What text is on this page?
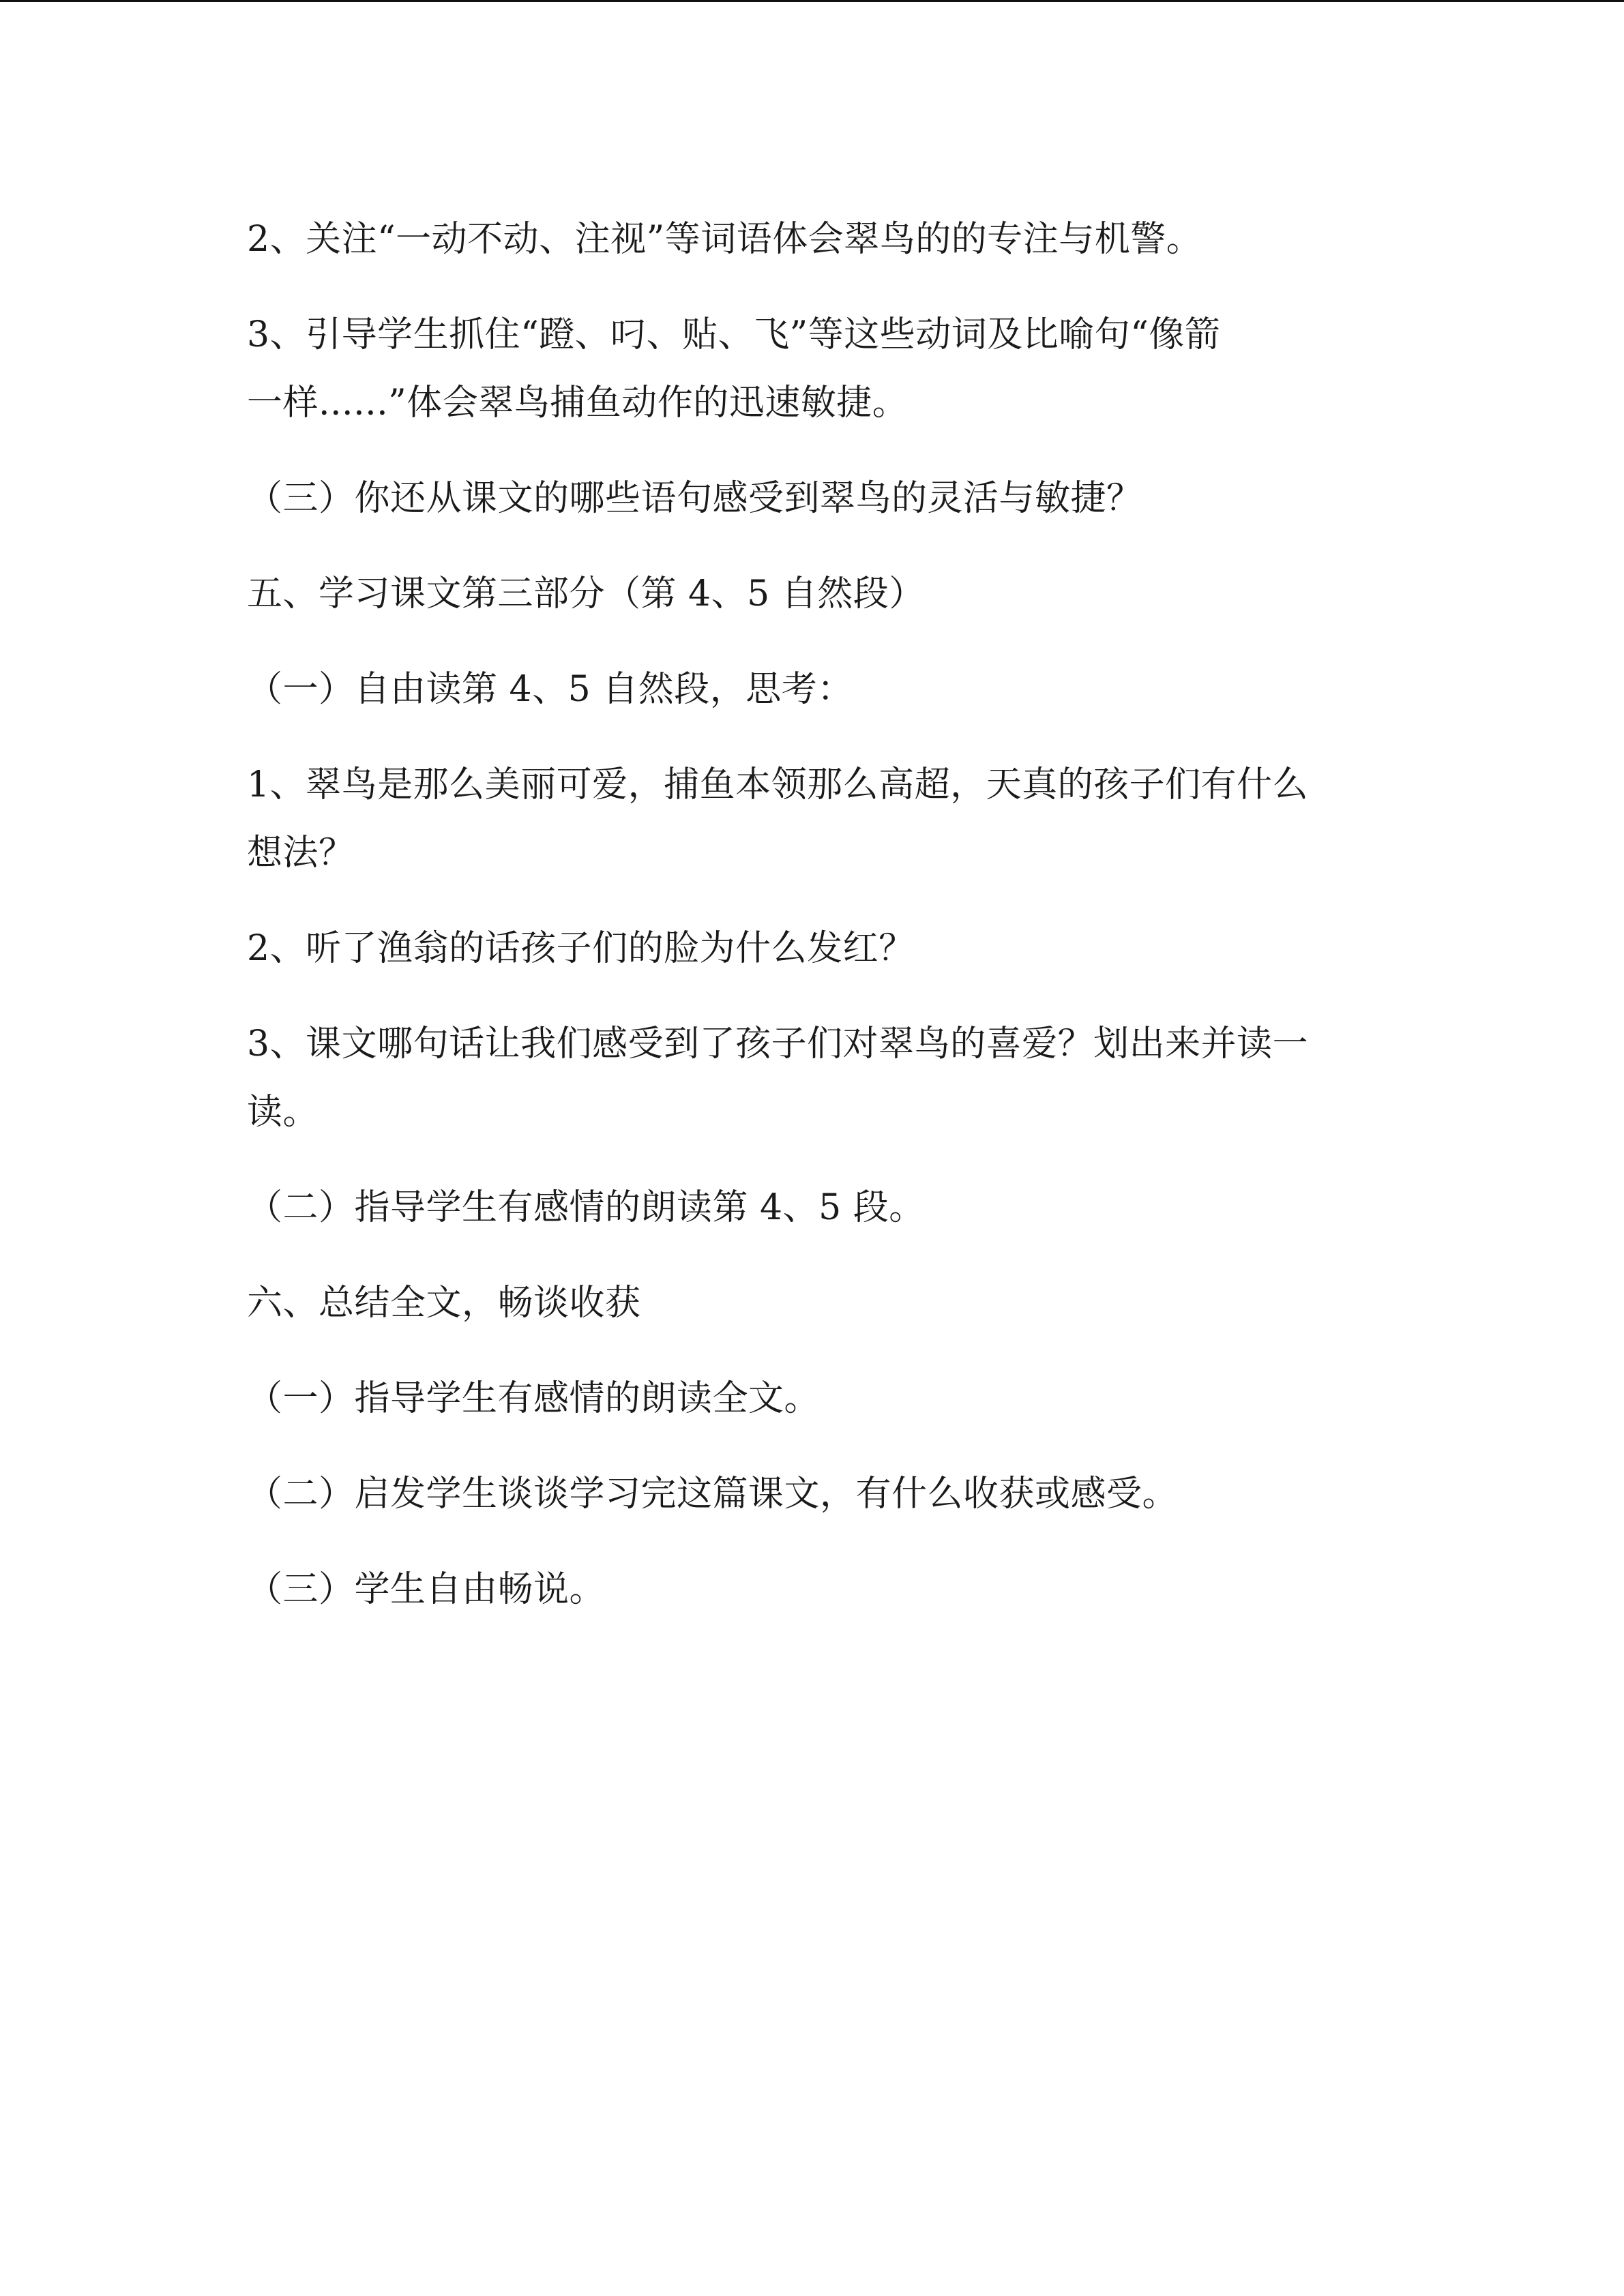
2、关注“一动不动、注视”等词语体会翠鸟的的专注与机警。

3、引导学生抓住“蹬、叼、贴、飞”等这些动词及比喻句“像箭

一样......”体会翠鸟捕鱼动作的迅速敏捷。

（三）你还从课文的哪些语句感受到翠鸟的灵活与敏捷？

五、学习课文第三部分（第 4、5 自然段）

（一）自由读第 4、5 自然段，思考：

1、翠鸟是那么美丽可爱，捕鱼本领那么高超，天真的孩子们有什么

想法？

2、听了渔翁的话孩子们的脸为什么发红？

3、课文哪句话让我们感受到了孩子们对翠鸟的喜爱？划出来并读一

读。

（二）指导学生有感情的朗读第 4、5 段。

六、总结全文，畅谈收获

（一）指导学生有感情的朗读全文。

（二）启发学生谈谈学习完这篇课文，有什么收获或感受。

（三）学生自由畅说。
